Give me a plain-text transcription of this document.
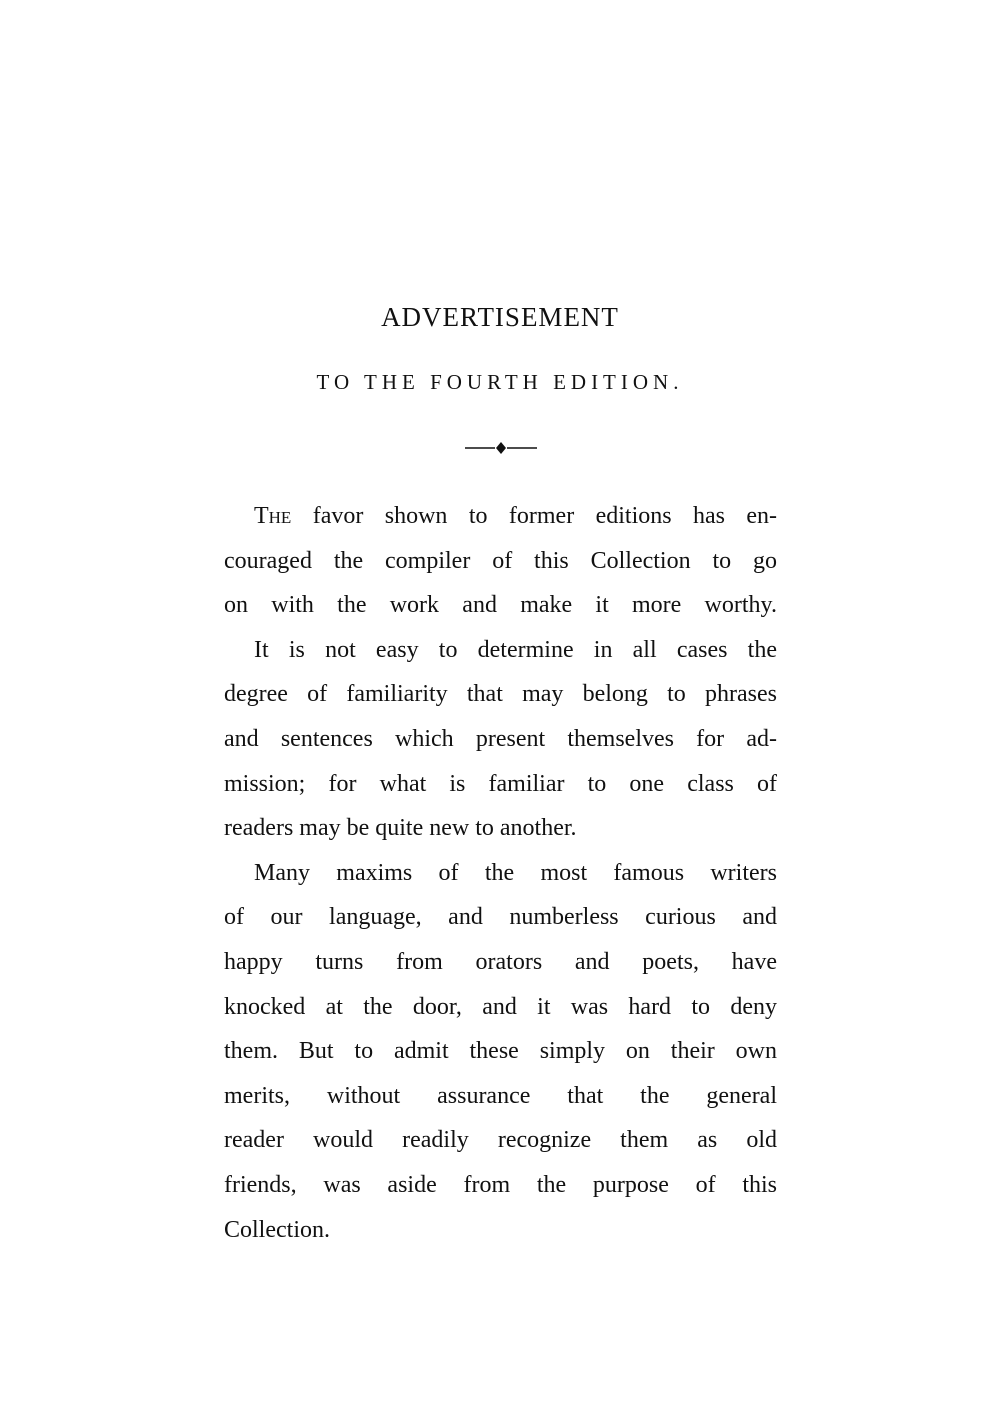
ADVERTISEMENT
TO THE FOURTH EDITION.
The favor shown to former editions has en-
couraged the compiler of this Collection to go
on with the work and make it more worthy.
It is not easy to determine in all cases the
degree of familiarity that may belong to phrases
and sentences which present themselves for ad-
mission; for what is familiar to one class of
readers may be quite new to another.
Many maxims of the most famous writers
of our language, and numberless curious and
happy turns from orators and poets, have
knocked at the door, and it was hard to deny
them. But to admit these simply on their own
merits, without assurance that the general
reader would readily recognize them as old
friends, was aside from the purpose of this
Collection.
